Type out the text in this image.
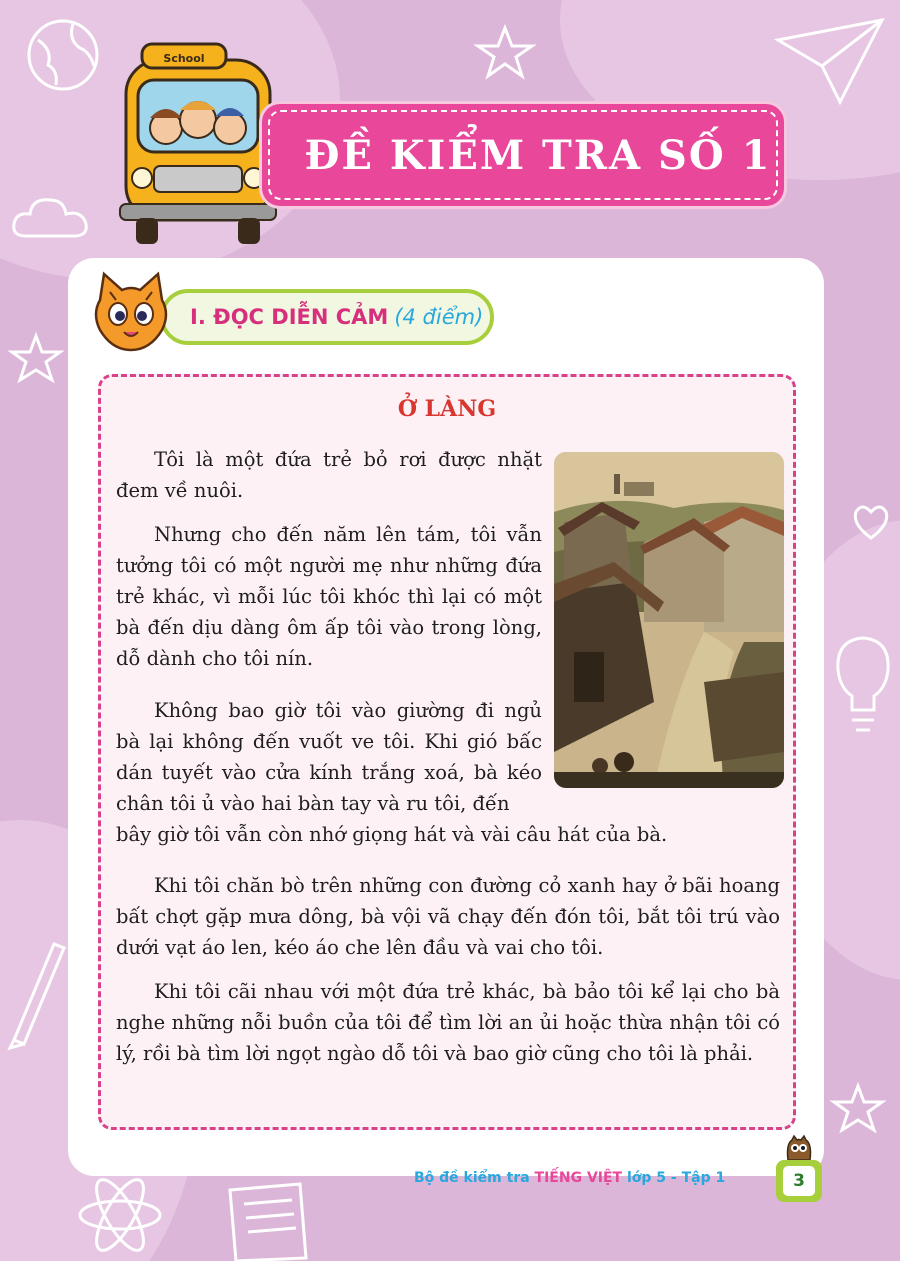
School
ĐỀ KIỂM TRA SỐ 1
I. ĐỌC DIỄN CẢM (4 điểm)
Ở LÀNG

Tôi là một đứa trẻ bỏ rơi được nhặt đem về nuôi.

Nhưng cho đến năm lên tám, tôi vẫn tưởng tôi có một người mẹ như những đứa trẻ khác, vì mỗi lúc tôi khóc thì lại có một bà đến dịu dàng ôm ấp tôi vào trong lòng, dỗ dành cho tôi nín.

Không bao giờ tôi vào giường đi ngủ bà lại không đến vuốt ve tôi. Khi gió bấc dán tuyết vào cửa kính trắng xoá, bà kéo chân tôi ủ vào hai bàn tay và ru tôi, đến

bây giờ tôi vẫn còn nhớ giọng hát và vài câu hát của bà.

Khi tôi chăn bò trên những con đường cỏ xanh hay ở bãi hoang bất chợt gặp mưa dông, bà vội vã chạy đến đón tôi, bắt tôi trú vào dưới vạt áo len, kéo áo che lên đầu và vai cho tôi.

Khi tôi cãi nhau với một đứa trẻ khác, bà bảo tôi kể lại cho bà nghe những nỗi buồn của tôi để tìm lời an ủi hoặc thừa nhận tôi có lý, rồi bà tìm lời ngọt ngào dỗ tôi và bao giờ cũng cho tôi là phải.

Bộ đề kiểm tra TIẾNG VIỆT lớp 5 - Tập 1	3
